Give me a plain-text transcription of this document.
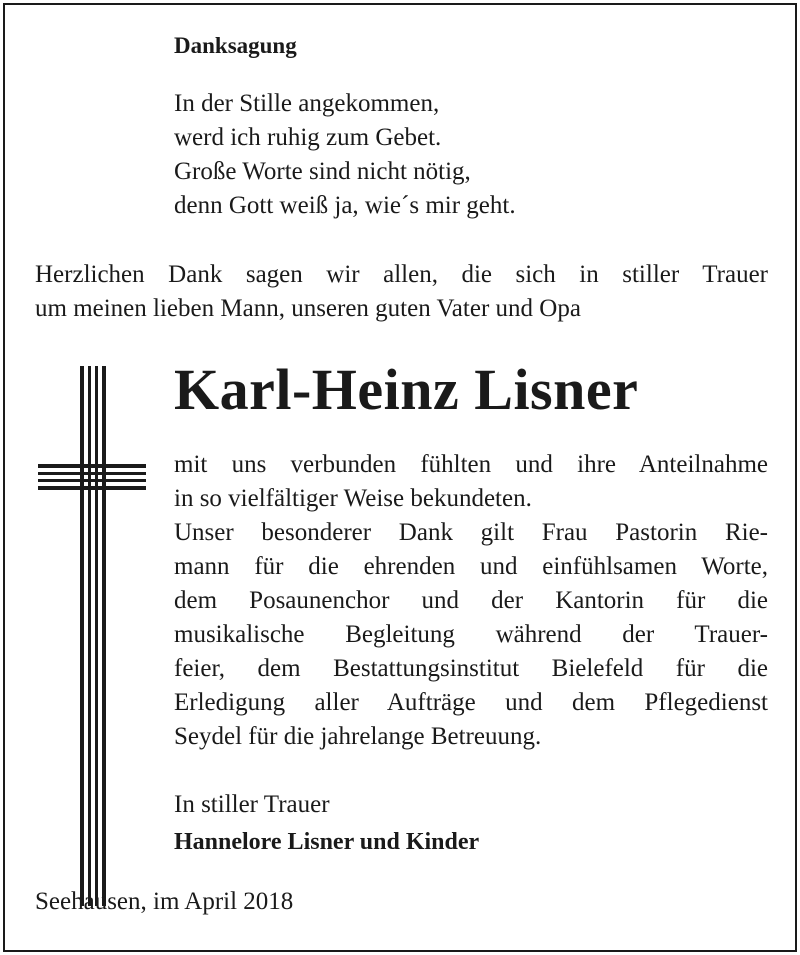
Danksagung
In der Stille angekommen,
werd ich ruhig zum Gebet.
Große Worte sind nicht nötig,
denn Gott weiß ja, wie´s mir geht.
Herzlichen Dank sagen wir allen, die sich in stiller Trauer
um meinen lieben Mann, unseren guten Vater und Opa
Karl-Heinz Lisner
mit uns verbunden fühlten und ihre Anteilnahme
in so vielfältiger Weise bekundeten.
Unser besonderer Dank gilt Frau Pastorin Rie-
mann für die ehrenden und einfühlsamen Worte,
dem Posaunenchor und der Kantorin für die
musikalische Begleitung während der Trauer-
feier, dem Bestattungsinstitut Bielefeld für die
Erledigung aller Aufträge und dem Pflegedienst
Seydel für die jahrelange Betreuung.
In stiller Trauer
Hannelore Lisner und Kinder
Seehausen, im April 2018
